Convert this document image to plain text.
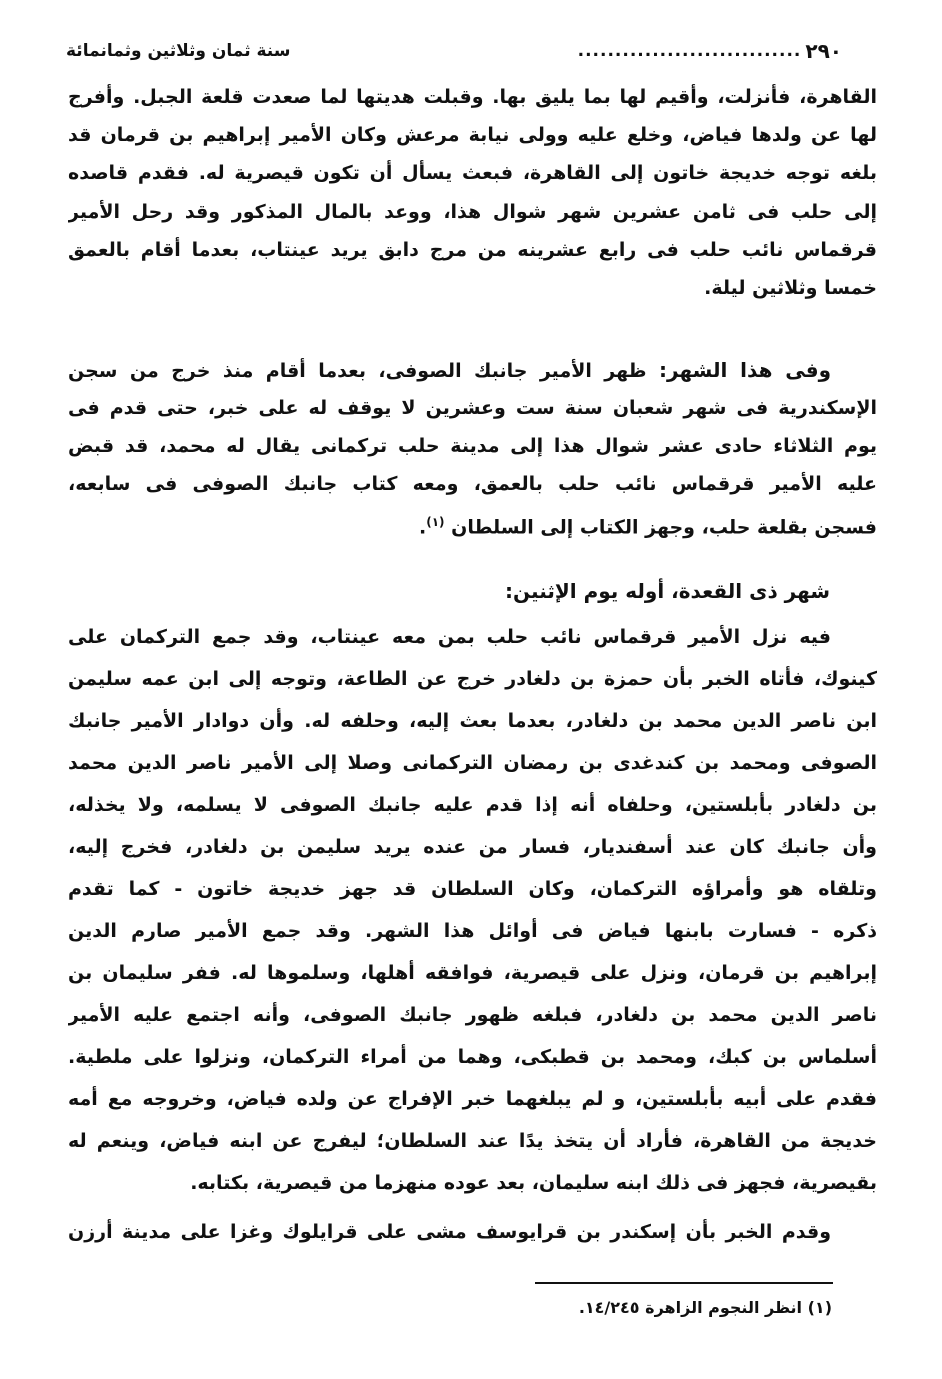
٢٩٠
..............................
سنة ثمان وثلاثين وثمانمائة
القاهرة، فأنزلت، وأقيم لها بما يليق بها. وقبلت هديتها لما صعدت قلعة الجبل. وأفرج
لها عن ولدها فياض، وخلع عليه وولى نيابة مرعش وكان الأمير إبراهيم بن قرمان قد
بلغه توجه خديجة خاتون إلى القاهرة، فبعث يسأل أن تكون قيصرية له. فقدم قاصده
إلى حلب فى ثامن عشرين شهر شوال هذا، ووعد بالمال المذكور وقد رحل الأمير
قرقماس نائب حلب فى رابع عشرينه من مرج دابق يريد عينتاب، بعدما أقام بالعمق
خمسا وثلاثين ليلة.
وفى هذا الشهر: ظهر الأمير جانبك الصوفى، بعدما أقام منذ خرج من سجن
الإسكندرية فى شهر شعبان سنة ست وعشرين لا يوقف له على خبر، حتى قدم فى
يوم الثلاثاء حادى عشر شوال هذا إلى مدينة حلب تركمانى يقال له محمد، قد قبض
عليه الأمير قرقماس نائب حلب بالعمق، ومعه كتاب جانبك الصوفى فى سابعه،
فسجن بقلعة حلب، وجهز الكتاب إلى السلطان $^{(١)}$.
شهر ذى القعدة، أوله يوم الإثنين:
فيه نزل الأمير قرقماس نائب حلب بمن معه عينتاب، وقد جمع التركمان على
كينوك، فأتاه الخبر بأن حمزة بن دلغادر خرج عن الطاعة، وتوجه إلى ابن عمه سليمن
ابن ناصر الدين محمد بن دلغادر، بعدما بعث إليه، وحلفه له. وأن دوادار الأمير جانبك
الصوفى ومحمد بن كندغدى بن رمضان التركمانى وصلا إلى الأمير ناصر الدين محمد
بن دلغادر بأبلستين، وحلفاه أنه إذا قدم عليه جانبك الصوفى لا يسلمه، ولا يخذله،
وأن جانبك كان عند أسفنديار، فسار من عنده يريد سليمن بن دلغادر، فخرج إليه،
وتلقاه هو وأمراؤه التركمان، وكان السلطان قد جهز خديجة خاتون - كما تقدم
ذكره - فسارت بابنها فياض فى أوائل هذا الشهر. وقد جمع الأمير صارم الدين
إبراهيم بن قرمان، ونزل على قيصرية، فوافقه أهلها، وسلموها له. ففر سليمان بن
ناصر الدين محمد بن دلغادر، فبلغه ظهور جانبك الصوفى، وأنه اجتمع عليه الأمير
أسلماس بن كبك، ومحمد بن قطبكى، وهما من أمراء التركمان، ونزلوا على ملطية.
فقدم على أبيه بأبلستين، و لم يبلغهما خبر الإفراج عن ولده فياض، وخروجه مع أمه
خديجة من القاهرة، فأراد أن يتخذ يدًا عند السلطان؛ ليفرج عن ابنه فياض، وينعم له
بقيصرية، فجهز فى ذلك ابنه سليمان، بعد عوده منهزما من قيصرية، بكتابه.
وقدم الخبر بأن إسكندر بن قرايوسف مشى على قرايلوك وغزا على مدينة أرزن
(١) انظر النجوم الزاهرة ١٤/٢٤٥.
